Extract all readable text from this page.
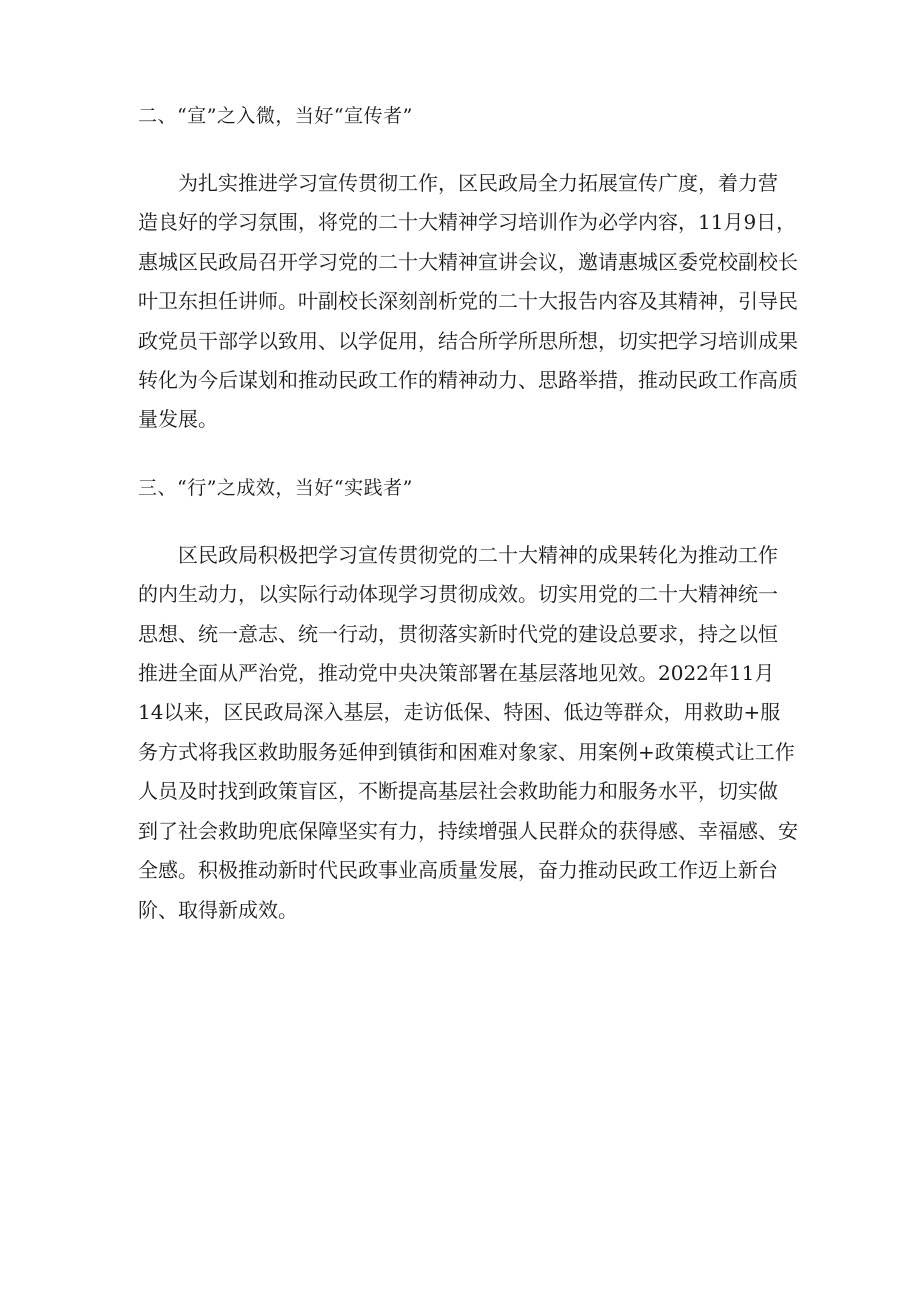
二、“宣”之入微，当好“宣传者”

为扎实推进学习宣传贯彻工作，区民政局全力拓展宣传广度，着力营
造良好的学习氛围，将党的二十大精神学习培训作为必学内容，11月9日，
惠城区民政局召开学习党的二十大精神宣讲会议，邀请惠城区委党校副校长
叶卫东担任讲师。叶副校长深刻剖析党的二十大报告内容及其精神，引导民
政党员干部学以致用、以学促用，结合所学所思所想，切实把学习培训成果
转化为今后谋划和推动民政工作的精神动力、思路举措，推动民政工作高质
量发展。

三、“行”之成效，当好“实践者”

区民政局积极把学习宣传贯彻党的二十大精神的成果转化为推动工作
的内生动力，以实际行动体现学习贯彻成效。切实用党的二十大精神统一
思想、统一意志、统一行动，贯彻落实新时代党的建设总要求，持之以恒
推进全面从严治党，推动党中央决策部署在基层落地见效。2022年11月
14以来，区民政局深入基层，走访低保、特困、低边等群众，用救助+服
务方式将我区救助服务延伸到镇街和困难对象家、用案例+政策模式让工作
人员及时找到政策盲区，不断提高基层社会救助能力和服务水平，切实做
到了社会救助兜底保障坚实有力，持续增强人民群众的获得感、幸福感、安
全感。积极推动新时代民政事业高质量发展，奋力推动民政工作迈上新台
阶、取得新成效。
